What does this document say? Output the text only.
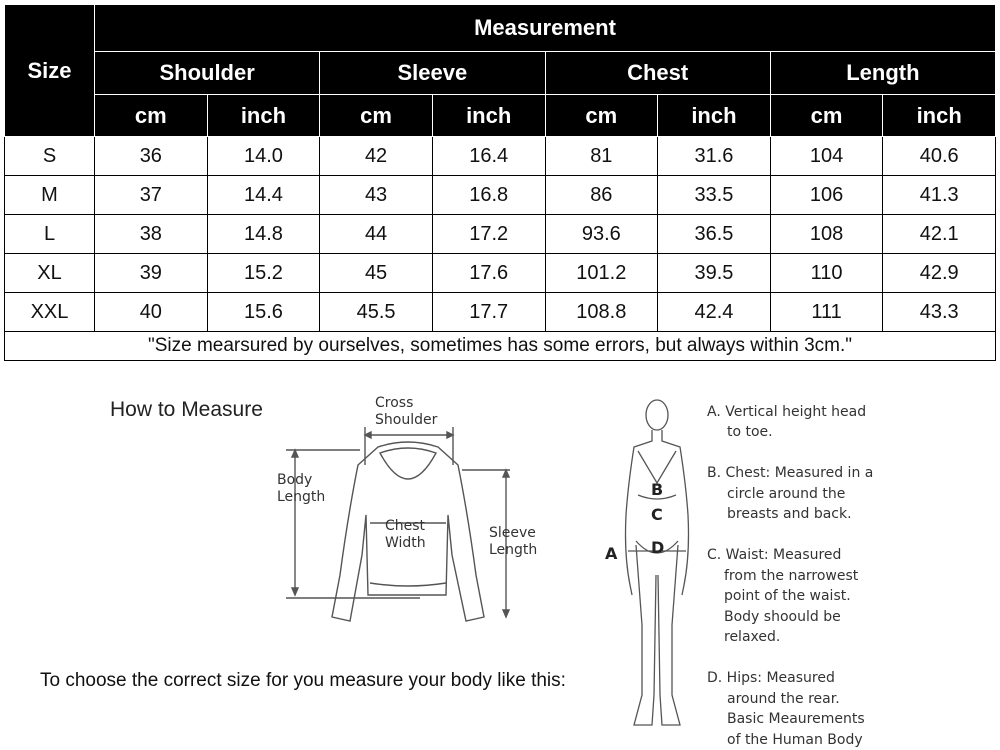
Size	Measurement							
	Shoulder		Sleeve		Chest		Length	
	cm	inch	cm	inch	cm	inch	cm	inch
S	36	14.0	42	16.4	81	31.6	104	40.6
M	37	14.4	43	16.8	86	33.5	106	41.3
L	38	14.8	44	17.2	93.6	36.5	108	42.1
XL	39	15.2	45	17.6	101.2	39.5	110	42.9
XXL	40	15.6	45.5	17.7	108.8	42.4	111	43.3
"Size mearsured by ourselves, sometimes has some errors, but always within 3cm."								
How to Measure	Cross
Shoulder
Body
Length
Chest
Width
Sleeve
Length
To choose the correct size for you measure your body like this:
B
C
D
A
A. Vertical height head
to toe.
B. Chest: Measured in a
circle around the
breasts and back.
C. Waist: Measured
from the narrowest
point of the waist.
Body shoould be
relaxed.
D. Hips: Measured
around the rear.
Basic Meaurements
of the Human Body
